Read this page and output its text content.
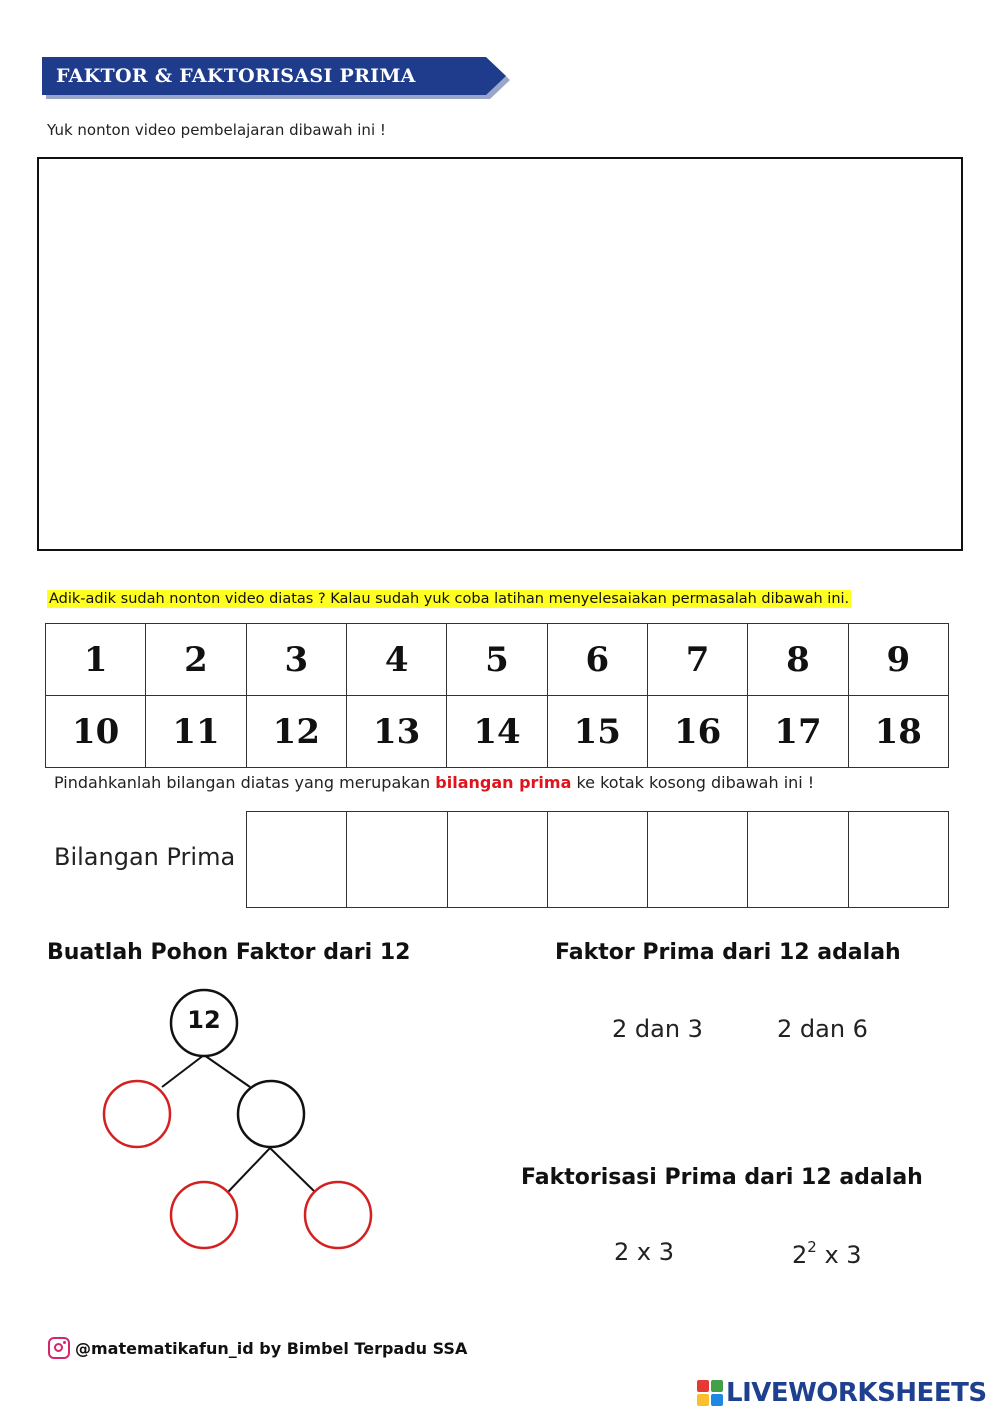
FAKTOR & FAKTORISASI PRIMA
Yuk nonton video pembelajaran dibawah ini !
Adik-adik sudah nonton video diatas ? Kalau sudah yuk coba latihan menyelesaiakan permasalah dibawah ini.
1	2	3	4	5	6	7	8	9
10	11	12	13	14	15	16	17	18
Pindahkanlah bilangan diatas yang merupakan bilangan prima ke kotak kosong dibawah ini !
Bilangan Prima

Buatlah Pohon Faktor dari 12
12
Faktor Prima dari 12 adalah
2 dan 3	2 dan 6
Faktorisasi Prima dari 12 adalah
2 x 3	$2^2$ x 3
@matematikafun_id by Bimbel Terpadu SSA
LIVEWORKSHEETS
